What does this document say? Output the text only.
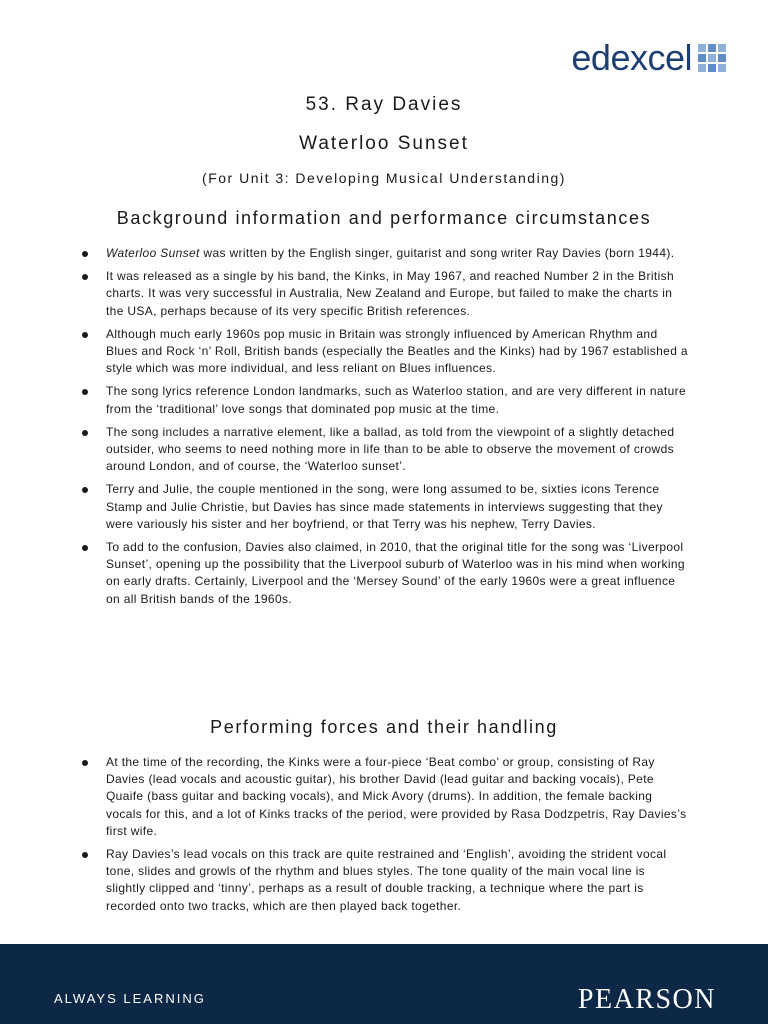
edexcel
53. Ray Davies
Waterloo Sunset
(For Unit 3: Developing Musical Understanding)
Background information and performance circumstances
Waterloo Sunset was written by the English singer, guitarist and song writer Ray Davies (born 1944).
It was released as a single by his band, the Kinks, in May 1967, and reached Number 2 in the British charts. It was very successful in Australia, New Zealand and Europe, but failed to make the charts in the USA, perhaps because of its very specific British references.
Although much early 1960s pop music in Britain was strongly influenced by American Rhythm and Blues and Rock ‘n’ Roll, British bands (especially the Beatles and the Kinks) had by 1967 established a style which was more individual, and less reliant on Blues influences.
The song lyrics reference London landmarks, such as Waterloo station, and are very different in nature from the ‘traditional’ love songs that dominated pop music at the time.
The song includes a narrative element, like a ballad, as told from the viewpoint of a slightly detached outsider, who seems to need nothing more in life than to be able to observe the movement of crowds around London, and of course, the ‘Waterloo sunset’.
Terry and Julie, the couple mentioned in the song, were long assumed to be, sixties icons Terence Stamp and Julie Christie, but Davies has since made statements in interviews suggesting that they were variously his sister and her boyfriend, or that Terry was his nephew, Terry Davies.
To add to the confusion, Davies also claimed, in 2010, that the original title for the song was ‘Liverpool Sunset’, opening up the possibility that the Liverpool suburb of Waterloo was in his mind when working on early drafts. Certainly, Liverpool and the ‘Mersey Sound’ of the early 1960s were a great influence on all British bands of the 1960s.
Performing forces and their handling
At the time of the recording, the Kinks were a four-piece ‘Beat combo’ or group, consisting of Ray Davies (lead vocals and acoustic guitar), his brother David (lead guitar and backing vocals), Pete Quaife (bass guitar and backing vocals), and Mick Avory (drums). In addition, the female backing vocals for this, and a lot of Kinks tracks of the period, were provided by Rasa Dodzpetris, Ray Davies’s first wife.
Ray Davies’s lead vocals on this track are quite restrained and ‘English’, avoiding the strident vocal tone, slides and growls of the rhythm and blues styles. The tone quality of the main vocal line is slightly clipped and ‘tinny’, perhaps as a result of double tracking, a technique where the part is recorded onto two tracks, which are then played back together.
ALWAYS LEARNING	PEARSON
